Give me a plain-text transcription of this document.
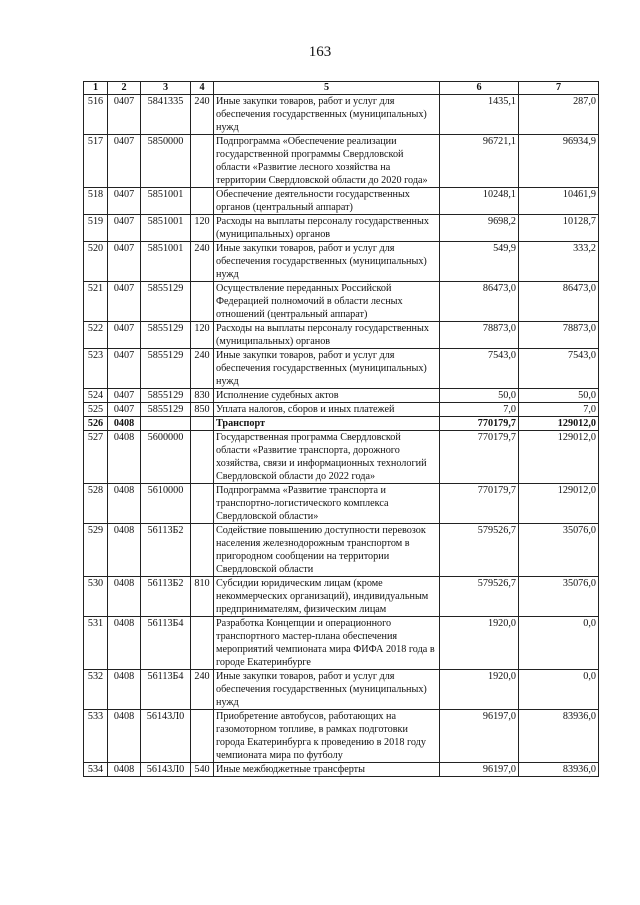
163
1	2	3	4	5	6	7
516	0407	5841335	240	Иные закупки товаров, работ и услуг для обеспечения государственных (муниципальных) нужд	1435,1	287,0
517	0407	5850000		Подпрограмма «Обеспечение реализации государственной программы Свердловской области «Развитие лесного хозяйства на территории Свердловской области до 2020 года»	96721,1	96934,9
518	0407	5851001		Обеспечение деятельности государственных органов (центральный аппарат)	10248,1	10461,9
519	0407	5851001	120	Расходы на выплаты персоналу государственных (муниципальных) органов	9698,2	10128,7
520	0407	5851001	240	Иные закупки товаров, работ и услуг для обеспечения государственных (муниципальных) нужд	549,9	333,2
521	0407	5855129		Осуществление переданных Российской Федерацией полномочий в области лесных отношений (центральный аппарат)	86473,0	86473,0
522	0407	5855129	120	Расходы на выплаты персоналу государственных (муниципальных) органов	78873,0	78873,0
523	0407	5855129	240	Иные закупки товаров, работ и услуг для обеспечения государственных (муниципальных) нужд	7543,0	7543,0
524	0407	5855129	830	Исполнение судебных актов	50,0	50,0
525	0407	5855129	850	Уплата налогов, сборов и иных платежей	7,0	7,0
526	0408			Транспорт	770179,7	129012,0
527	0408	5600000		Государственная программа Свердловской области «Развитие транспорта, дорожного хозяйства, связи и информационных технологий Свердловской области до 2022 года»	770179,7	129012,0
528	0408	5610000		Подпрограмма «Развитие транспорта и транспортно-логистического комплекса Свердловской области»	770179,7	129012,0
529	0408	56113Б2		Содействие повышению доступности перевозок населения железнодорожным транспортом в пригородном сообщении на территории Свердловской области	579526,7	35076,0
530	0408	56113Б2	810	Субсидии юридическим лицам (кроме некоммерческих организаций), индивидуальным предпринимателям, физическим лицам	579526,7	35076,0
531	0408	56113Б4		Разработка Концепции и операционного транспортного мастер-плана обеспечения мероприятий чемпионата мира ФИФА 2018 года в городе Екатеринбурге	1920,0	0,0
532	0408	56113Б4	240	Иные закупки товаров, работ и услуг для обеспечения государственных (муниципальных) нужд	1920,0	0,0
533	0408	56143Л0		Приобретение автобусов, работающих на газомоторном топливе, в рамках подготовки города Екатеринбурга к проведению в 2018 году чемпионата мира по футболу	96197,0	83936,0
534	0408	56143Л0	540	Иные межбюджетные трансферты	96197,0	83936,0
